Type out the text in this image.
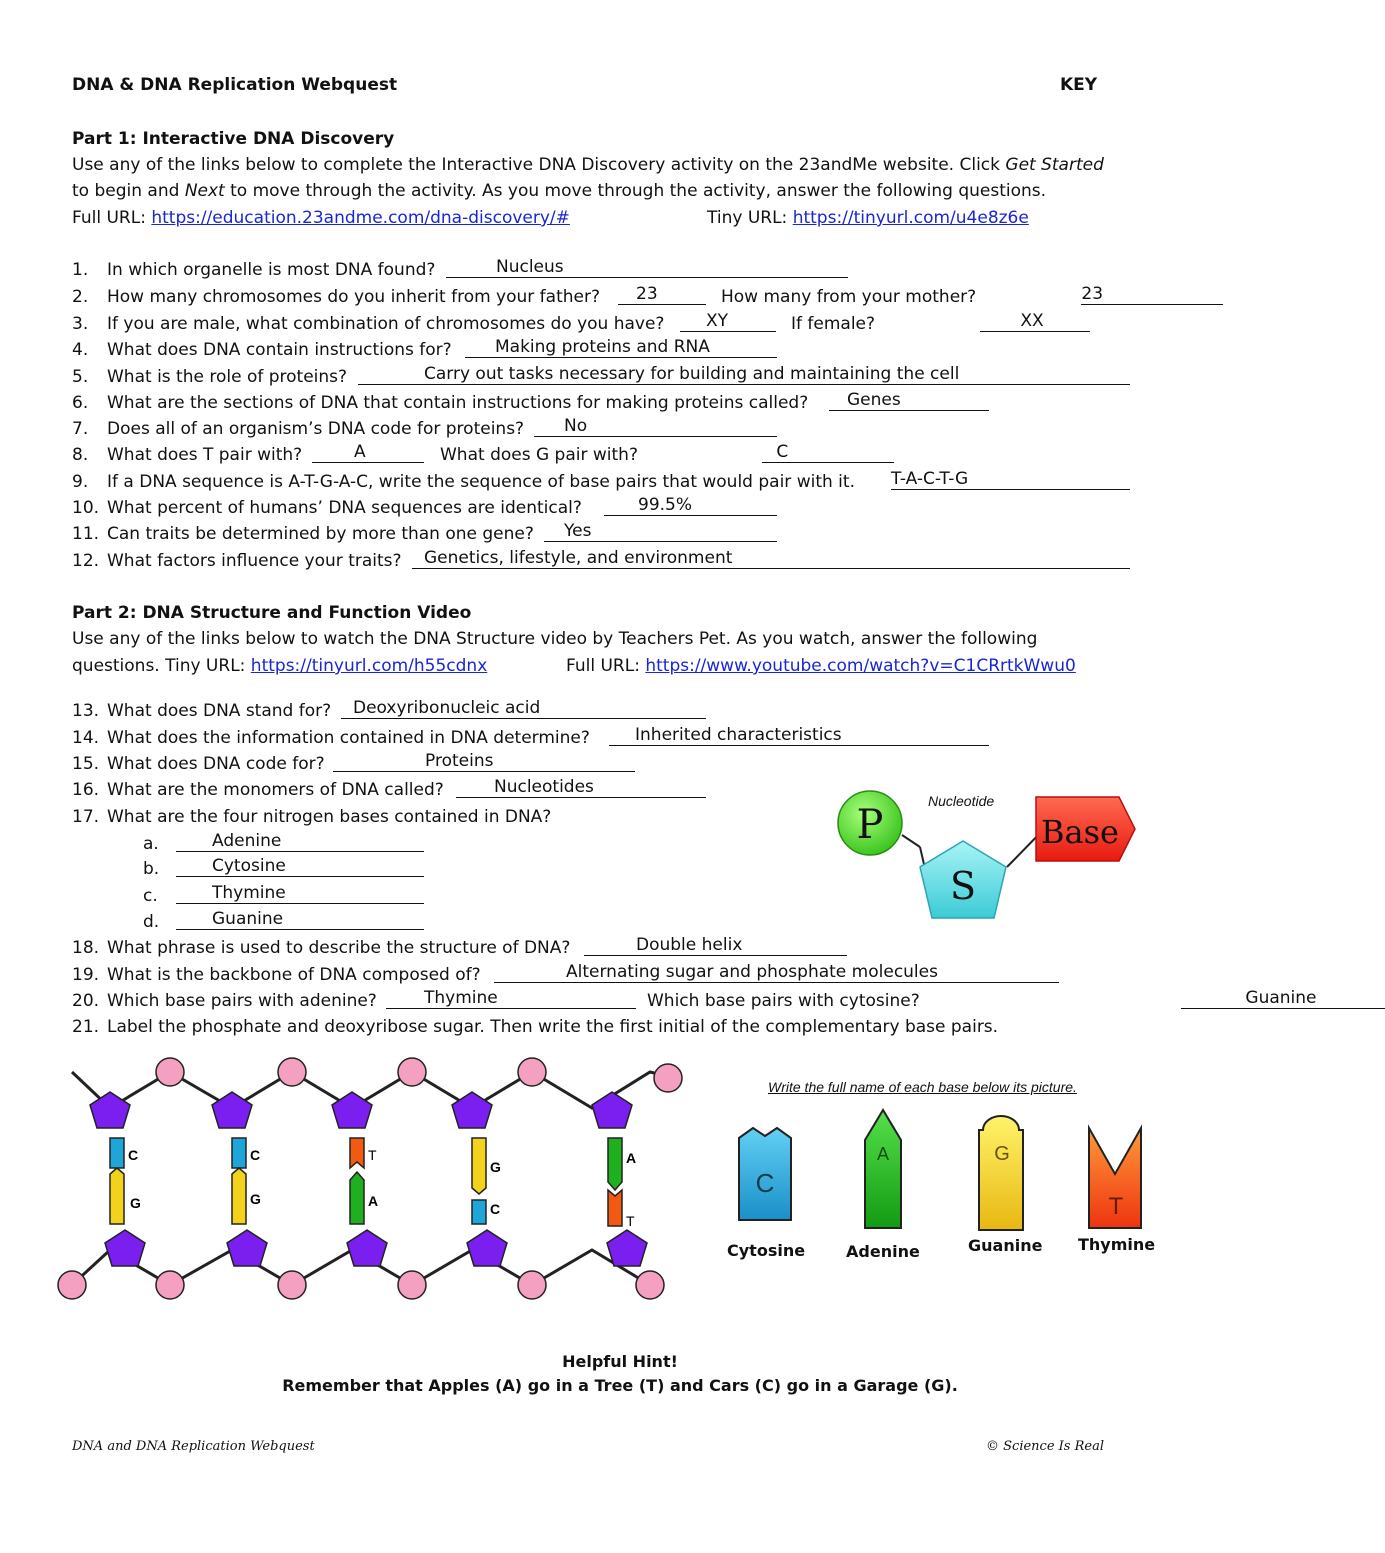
DNA & DNA Replication Webquest	KEY
Part 1: Interactive DNA Discovery
Use any of the links below to complete the Interactive DNA Discovery activity on the 23andMe website. Click Get Started
to begin and Next to move through the activity. As you move through the activity, answer the following questions.
Full URL: https://education.23andme.com/dna-discovery/#	Tiny URL: https://tinyurl.com/u4e8z6e
1.	In which organelle is most DNA found?	Nucleus
2.	How many chromosomes do you inherit from your father? 23
	How many from your mother?	23
3.	If you are male, what combination of chromosomes do you have? XY
	If female?	XX
4.	What does DNA contain instructions for?	Making proteins and RNA
5.	What is the role of proteins?	Carry out tasks necessary for building and maintaining the cell
6.	What are the sections of DNA that contain instructions for making proteins called? Genes
7.	Does all of an organism’s DNA code for proteins? No
8.	What does T pair with?	A
	What does G pair with?	C
9.	If a DNA sequence is A-T-G-A-C, write the sequence of base pairs that would pair with it. T-A-C-T-G
10. What percent of humans’ DNA sequences are identical?	99.5%
11. Can traits be determined by more than one gene? Yes
12. What factors influence your traits? Genetics, lifestyle, and environment
Part 2: DNA Structure and Function Video
Use any of the links below to watch the DNA Structure video by Teachers Pet. As you watch, answer the following
questions. Tiny URL: https://tinyurl.com/h55cdnx	Full URL: https://www.youtube.com/watch?v=C1CRrtkWwu0
13. What does DNA stand for? Deoxyribonucleic acid
14. What does the information contained in DNA determine?	Inherited characteristics
15. What does DNA code for?	Proteins
16. What are the monomers of DNA called?	Nucleotides
17. What are the four nitrogen bases contained in DNA?
a.	Adenine
b.	Cytosine
c.	Thymine
d.	Guanine
18. What phrase is used to describe the structure of DNA?	Double helix
19. What is the backbone of DNA composed of?	Alternating sugar and phosphate molecules
20. Which base pairs with adenine?	Thymine
	Which base pairs with cytosine?	Guanine
21. Label the phosphate and deoxyribose sugar. Then write the first initial of the complementary base pairs.
Nucleotide
P
S
Base
C
G
C
G
T
A
G
C
A
T
Write the full name of each base below its picture.
C
A	G
T
Cytosine	Adenine	Guanine Thymine
Helpful Hint!
Remember that Apples (A) go in a Tree (T) and Cars (C) go in a Garage (G).
DNA and DNA Replication Webquest	© Science Is Real
